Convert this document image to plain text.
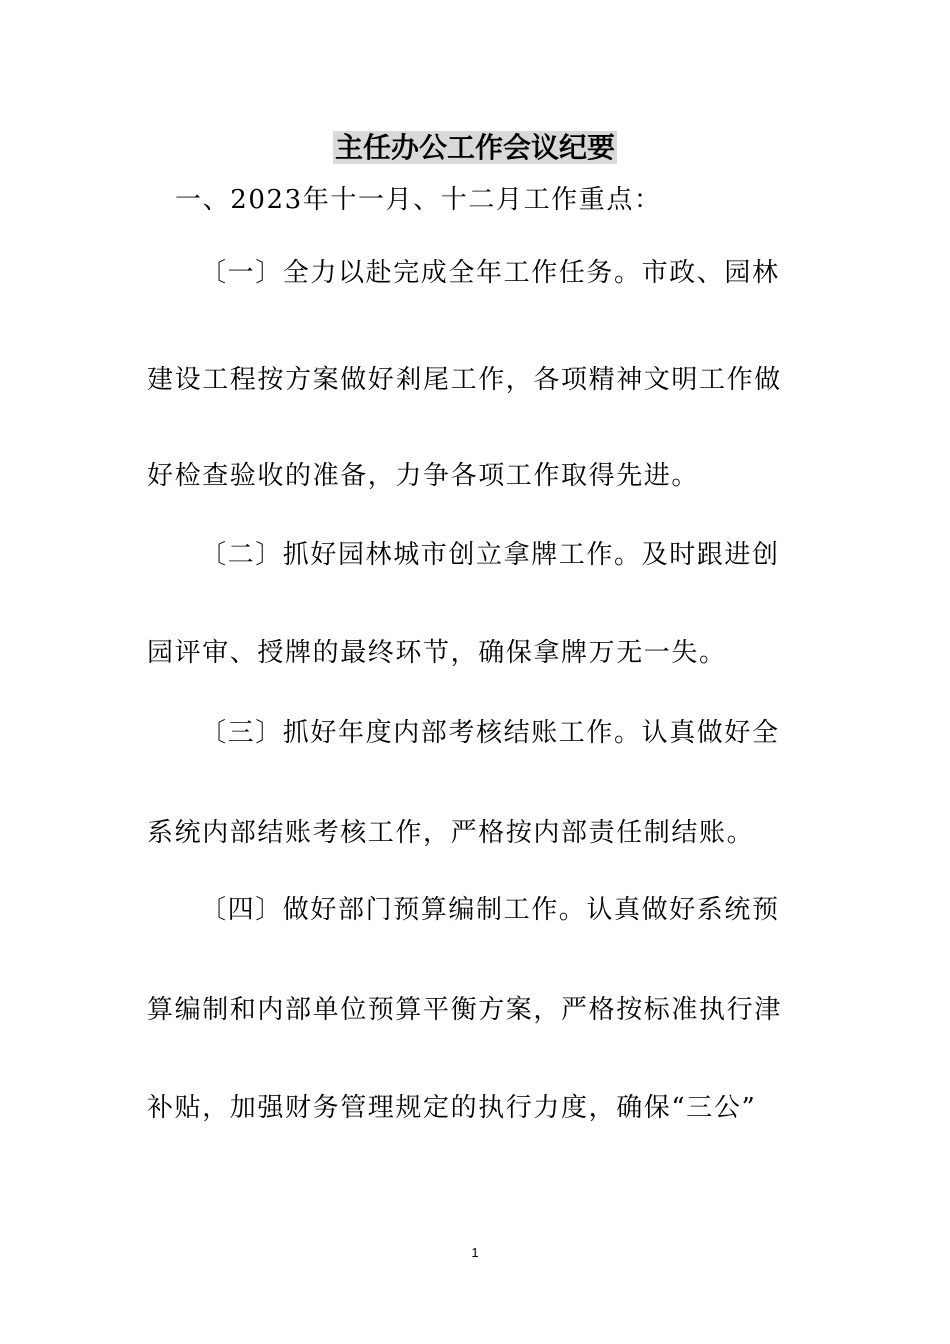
主任办公工作会议纪要
一、2023年十一月、十二月工作重点：
〔一〕全力以赴完成全年工作任务。市政、园林
建设工程按方案做好剎尾工作，各项精神文明工作做
好检查验收的准备，力争各项工作取得先进。
〔二〕抓好园林城市创立拿牌工作。及时跟进创
园评审、授牌的最终环节，确保拿牌万无一失。
〔三〕抓好年度内部考核结账工作。认真做好全
系统内部结账考核工作，严格按内部责任制结账。
〔四〕做好部门预算编制工作。认真做好系统预
算编制和内部单位预算平衡方案，严格按标准执行津
补贴，加强财务管理规定的执行力度，确保“三公”
1
